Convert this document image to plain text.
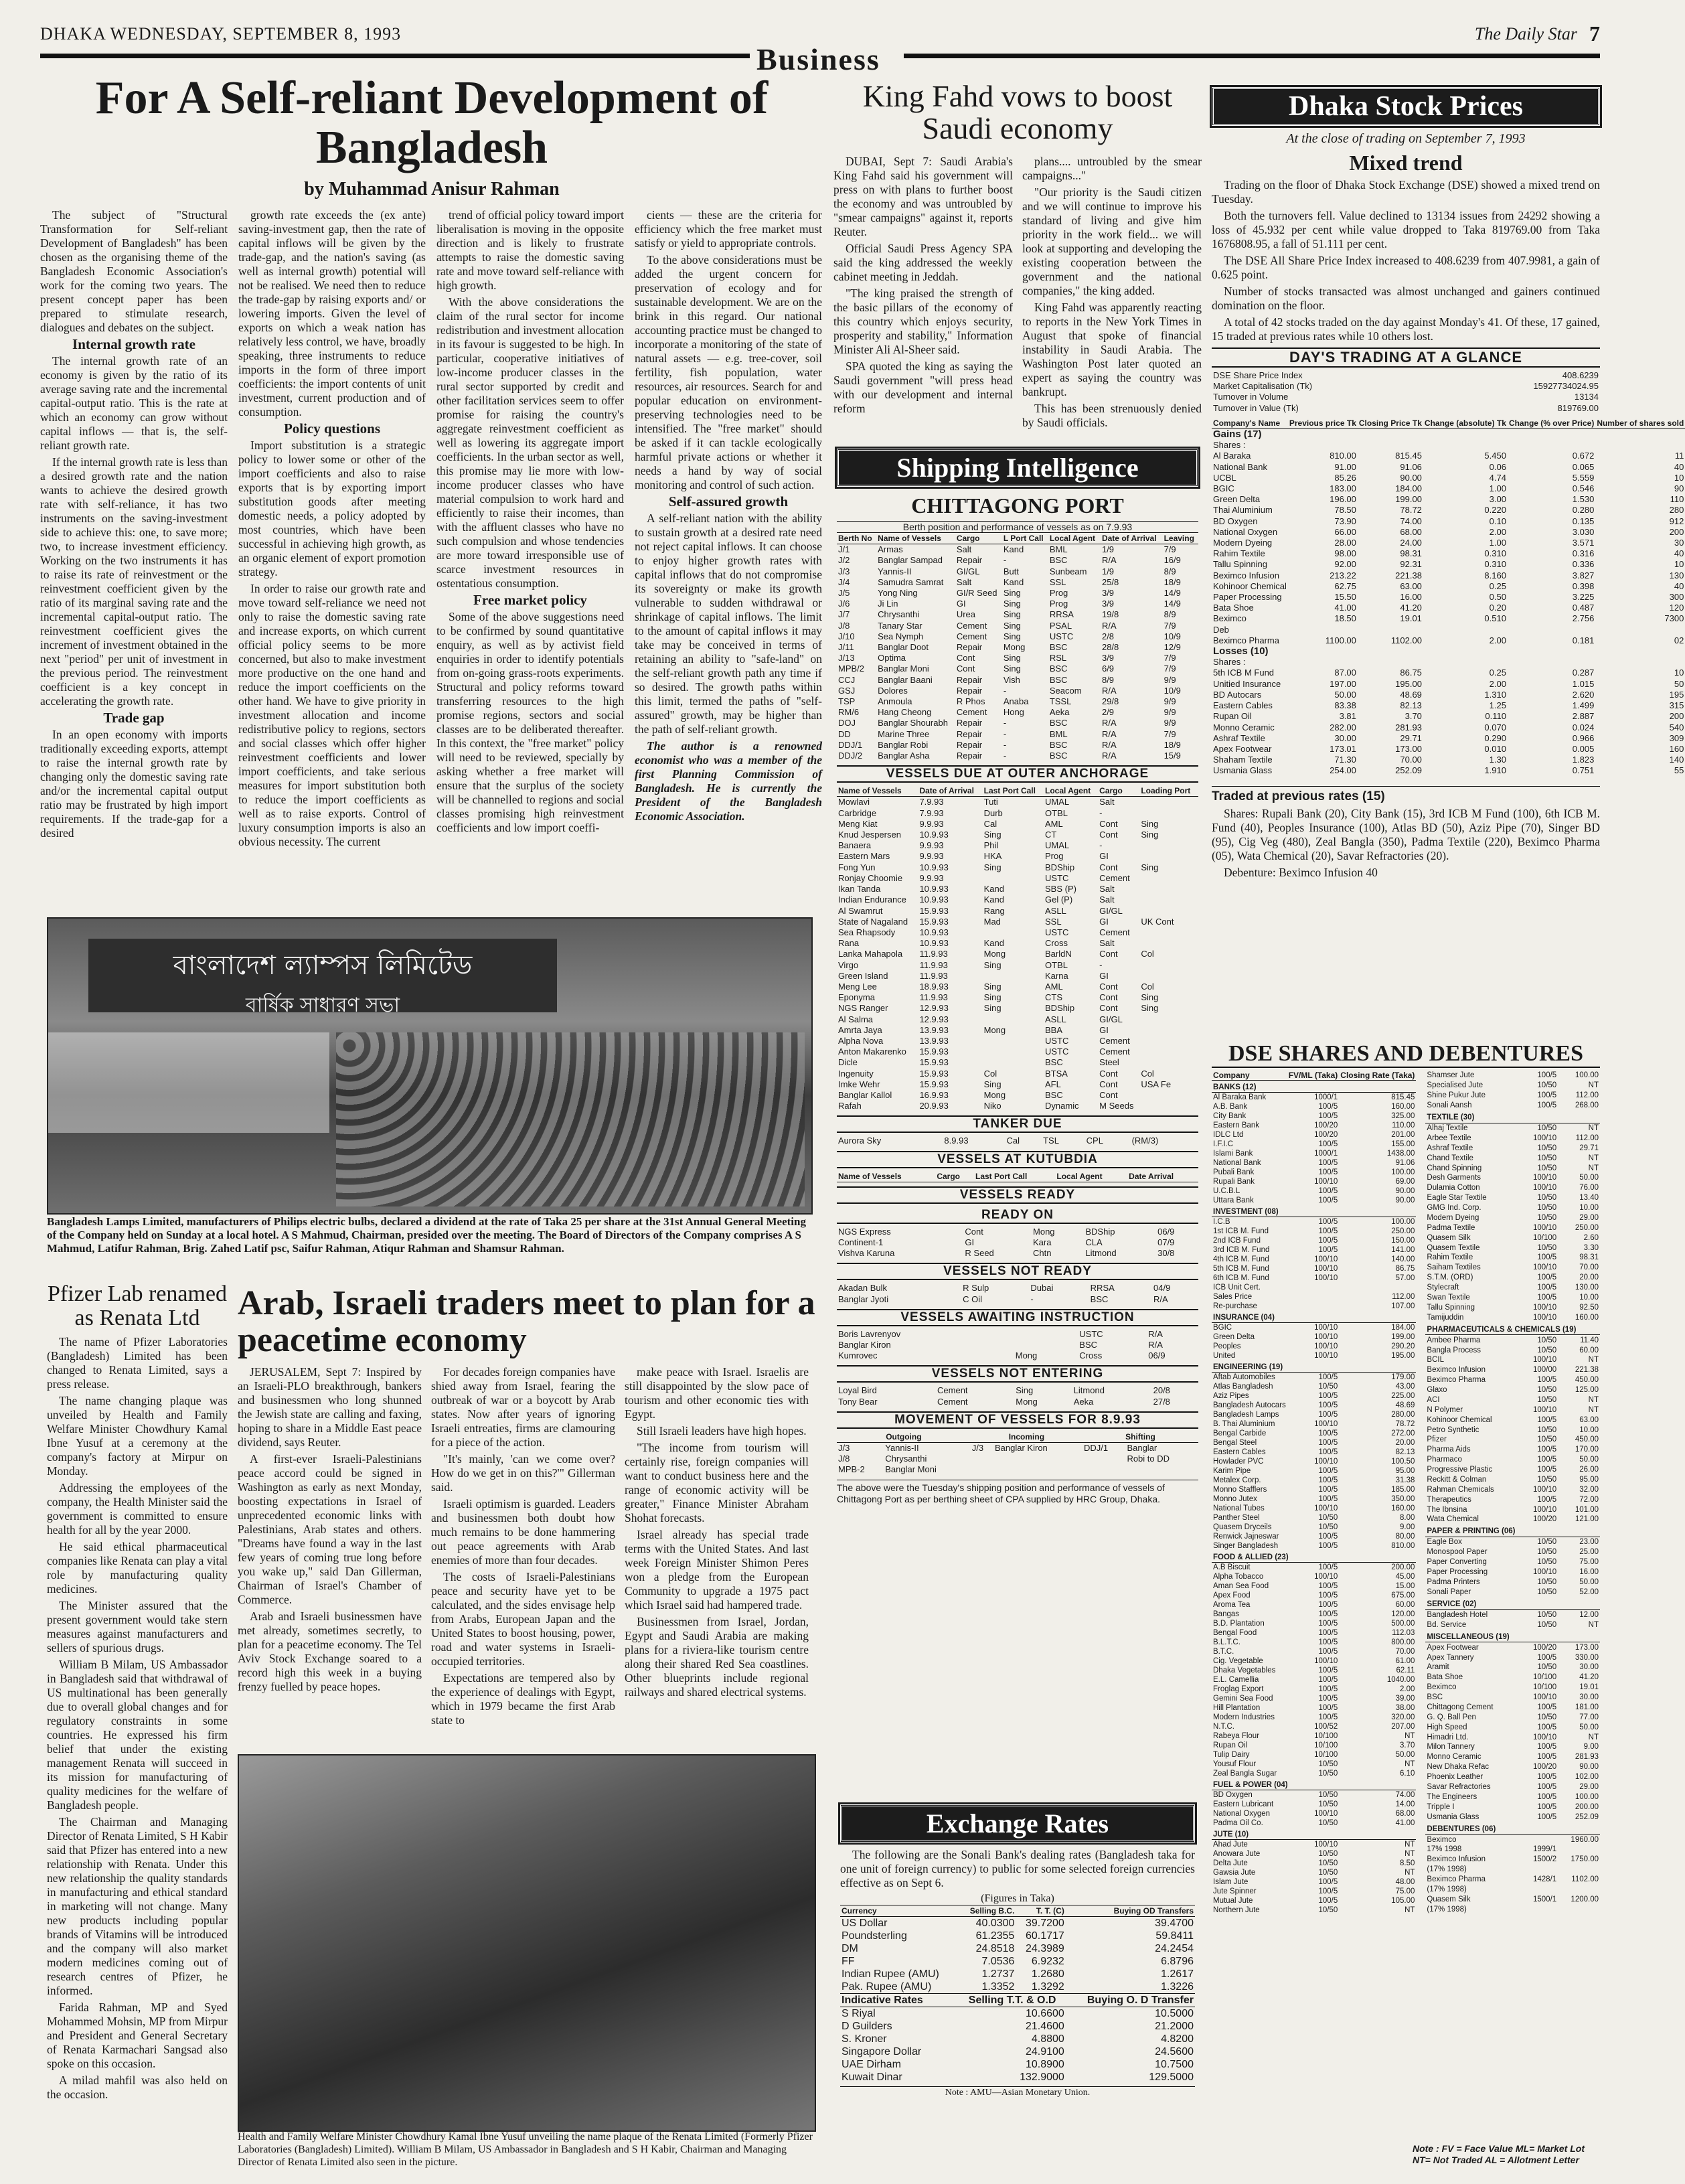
DHAKA WEDNESDAY, SEPTEMBER 8, 1993	7
The Daily Star
Business
For A Self-reliant Development of Bangladesh
by Muhammad Anisur Rahman

The subject of "Structural Transformation for Self-reliant Development of Bangladesh" has been chosen as the organising theme of the Bangladesh Economic Association's work for the coming two years. The present concept paper has been prepared to stimulate research, dialogues and debates on the subject.

Internal growth rate

The internal growth rate of an economy is given by the ratio of its average saving rate and the incremental capital-output ratio. This is the rate at which an economy can grow without capital inflows — that is, the self-reliant growth rate.

If the internal growth rate is less than a desired growth rate and the nation wants to achieve the desired growth rate with self-reliance, it has two instruments on the saving-investment side to achieve this: one, to save more; two, to increase investment efficiency. Working on the two instruments it has to raise its rate of reinvestment or the reinvestment coefficient given by the ratio of its marginal saving rate and the incremental capital-output ratio. The reinvestment coefficient gives the increment of investment obtained in the next "period" per unit of investment in the previous period. The reinvestment coefficient is a key concept in accelerating the growth rate.

Trade gap

In an open economy with imports traditionally exceeding exports, attempt to raise the internal growth rate by changing only the domestic saving rate and/or the incremental capital output ratio may be frustrated by high import requirements. If the trade-gap for a desired

growth rate exceeds the (ex ante) saving-investment gap, then the rate of capital inflows will be given by the trade-gap, and the nation's saving (as well as internal growth) potential will not be realised. We need then to reduce the trade-gap by raising exports and/ or lowering imports. Given the level of exports on which a weak nation has relatively less control, we have, broadly speaking, three instruments to reduce imports in the form of three import coefficients: the import contents of unit investment, current production and of consumption.

Policy questions

Import substitution is a strategic policy to lower some or other of the import coefficients and also to raise exports that is by exporting import substitution goods after meeting domestic needs, a policy adopted by most countries, which have been successful in achieving high growth, as an organic element of export promotion strategy.

In order to raise our growth rate and move toward self-reliance we need not only to raise the domestic saving rate and increase exports, on which current official policy seems to be more concerned, but also to make investment more productive on the one hand and reduce the import coefficients on the other hand. We have to give priority in investment allocation and income redistributive policy to regions, sectors and social classes which offer higher reinvestment coefficients and lower import coefficients, and take serious measures for import substitution both to reduce the import coefficients as well as to raise exports. Control of luxury consumption imports is also an obvious necessity. The current

trend of official policy toward import liberalisation is moving in the opposite direction and is likely to frustrate attempts to raise the domestic saving rate and move toward self-reliance with high growth.

With the above considerations the claim of the rural sector for income redistribution and investment allocation in its favour is suggested to be high. In particular, cooperative initiatives of low-income producer classes in the rural sector supported by credit and other facilitation services seem to offer promise for raising the country's aggregate reinvestment coefficient as well as lowering its aggregate import coefficients. In the urban sector as well, this promise may lie more with low-income producer classes who have material compulsion to work hard and efficiently to raise their incomes, than with the affluent classes who have no such compulsion and whose tendencies are more toward irresponsible use of scarce investment resources in ostentatious consumption.

Free market policy

Some of the above suggestions need to be confirmed by sound quantitative enquiry, as well as by activist field enquiries in order to identify potentials from on-going grass-roots experiments. Structural and policy reforms toward transferring resources to the high promise regions, sectors and social classes are to be deliberated thereafter. In this context, the "free market" policy will need to be reviewed, specially by asking whether a free market will ensure that the surplus of the society will be channelled to regions and social classes promising high reinvestment coefficients and low import coeffi-

cients — these are the criteria for efficiency which the free market must satisfy or yield to appropriate controls.

To the above considerations must be added the urgent concern for preservation of ecology and for sustainable development. We are on the brink in this regard. Our national accounting practice must be changed to incorporate a monitoring of the state of natural assets — e.g. tree-cover, soil fertility, fish population, water resources, air resources. Search for and popular education on environment-preserving technologies need to be intensified. The "free market" should be asked if it can tackle ecologically harmful private actions or whether it needs a hand by way of social monitoring and control of such action.

Self-assured growth

A self-reliant nation with the ability to sustain growth at a desired rate need not reject capital inflows. It can choose to enjoy higher growth rates with capital inflows that do not compromise its sovereignty or make its growth vulnerable to sudden withdrawal or shrinkage of capital inflows. The limit to the amount of capital inflows it may take may be conceived in terms of retaining an ability to "safe-land" on the self-reliant growth path any time if so desired. The growth paths within this limit, termed the paths of "self-assured" growth, may be higher than the path of self-reliant growth.

The author is a renowned economist who was a member of the first Planning Commission of Bangladesh. He is currently the President of the Bangladesh Economic Association.

বাংলাদেশ ল্যাম্পস লিমিটেড
বার্ষিক সাধারণ সভা
Bangladesh Lamps Limited, manufacturers of Philips electric bulbs, declared a dividend at the rate of Taka 25 per share at the 31st Annual General Meeting of the Company held on Sunday at a local hotel. A S Mahmud, Chairman, presided over the meeting. The Board of Directors of the Company comprises A S Mahmud, Latifur Rahman, Brig. Zahed Latif psc, Saifur Rahman, Atiqur Rahman and Shamsur Rahman.
King Fahd vows to boost Saudi economy

DUBAI, Sept 7: Saudi Arabia's King Fahd said his government will press on with plans to further boost the economy and was untroubled by "smear campaigns" against it, reports Reuter.

Official Saudi Press Agency SPA said the king addressed the weekly cabinet meeting in Jeddah.

"The king praised the strength of the basic pillars of the economy of this country which enjoys security, prosperity and stability," Information Minister Ali Al-Sheer said.

SPA quoted the king as saying the Saudi government "will press head with our development and internal reform

plans.... untroubled by the smear campaigns..."

"Our priority is the Saudi citizen and we will continue to improve his standard of living and give him priority in the work field... we will look at supporting and developing the existing cooperation between the government and the national companies," the king added.

King Fahd was apparently reacting to reports in the New York Times in August that spoke of financial instability in Saudi Arabia. The Washington Post later quoted an expert as saying the country was bankrupt.

This has been strenuously denied by Saudi officials.

Shipping Intelligence
CHITTAGONG PORT
Berth position and performance of vessels as on 7.9.93
Berth No	Name of Vessels	Cargo	L Port Call	Local Agent	Date of Arrival	Leaving
J/1	Armas	Salt	Kand	BML	1/9	7/9
J/2	Banglar Sampad	Repair	-	BSC	R/A	16/9
J/3	Yannis-II	GI/GL	Butt	Sunbeam	1/9	8/9
J/4	Samudra Samrat	Salt	Kand	SSL	25/8	18/9
J/5	Yong Ning	GI/R Seed	Sing	Prog	3/9	14/9
J/6	Ji Lin	GI	Sing	Prog	3/9	14/9
J/7	Chrysanthi	Urea	Sing	RRSA	19/8	8/9
J/8	Tanary Star	Cement	Sing	PSAL	R/A	7/9
J/10	Sea Nymph	Cement	Sing	USTC	2/8	10/9
J/11	Banglar Doot	Repair	Mong	BSC	28/8	12/9
J/13	Optima	Cont	Sing	RSL	3/9	7/9
MPB/2	Banglar Moni	Cont	Sing	BSC	6/9	7/9
CCJ	Banglar Baani	Repair	Vish	BSC	8/9	9/9
GSJ	Dolores	Repair	-	Seacom	R/A	10/9
TSP	Anmoula	R Phos	Anaba	TSSL	29/8	9/9
RM/6	Hang Cheong	Cement	Hong	Aeka	2/9	9/9
DOJ	Banglar Shourabh	Repair	-	BSC	R/A	9/9
DD	Marine Three	Repair	-	BML	R/A	7/9
DDJ/1	Banglar Robi	Repair	-	BSC	R/A	18/9
DDJ/2	Banglar Asha	Repair	-	BSC	R/A	15/9
VESSELS DUE AT OUTER ANCHORAGE
Name of Vessels	Date of Arrival	Last Port Call	Local Agent	Cargo	Loading Port
Mowlavi	7.9.93	Tuti	UMAL	Salt	
Carbridge	7.9.93	Durb	OTBL	-	
Meng Kiat	9.9.93	Cal	AML	Cont	Sing
Knud Jespersen	10.9.93	Sing	CT	Cont	Sing
Banaera	9.9.93	Phil	UMAL	-	
Eastern Mars	9.9.93	HKA	Prog	GI	
Fong Yun	10.9.93	Sing	BDShip	Cont	Sing
Ronjay Choomie	9.9.93		USTC	Cement	
Ikan Tanda	10.9.93	Kand	SBS (P)	Salt	
Indian Endurance	10.9.93	Kand	Gel (P)	Salt	
Al Swamrut	15.9.93	Rang	ASLL	GI/GL	
State of Nagaland	15.9.93	Mad	SSL	GI	UK Cont
Sea Rhapsody	10.9.93		USTC	Cement	
Rana	10.9.93	Kand	Cross	Salt	
Lanka Mahapola	11.9.93	Mong	BarldN	Cont	Col
Virgo	11.9.93	Sing	OTBL	-	
Green Island	11.9.93		Karna	GI	
Meng Lee	18.9.93	Sing	AML	Cont	Col
Eponyma	11.9.93	Sing	CTS	Cont	Sing
NGS Ranger	12.9.93	Sing	BDShip	Cont	Sing
Al Salma	12.9.93		ASLL	GI/GL	
Amrta Jaya	13.9.93	Mong	BBA	GI	
Alpha Nova	13.9.93		USTC	Cement	
Anton Makarenko	15.9.93		USTC	Cement	
Dicle	15.9.93		BSC	Steel	
Ingenuity	15.9.93	Col	BTSA	Cont	Col
Imke Wehr	15.9.93	Sing	AFL	Cont	USA Fe
Banglar Kallol	16.9.93	Mong	BSC	Cont	
Rafah	20.9.93	Niko	Dynamic	M Seeds	
TANKER DUE
Aurora Sky	8.9.93	Cal	TSL	CPL	(RM/3)
VESSELS AT KUTUBDIA
Name of Vessels	Cargo	Last Port Call	Local Agent	Date Arrival
VESSELS READY
READY ON
NGS Express	Cont	Mong	BDShip	06/9
Continent-1	GI	Kara	CLA	07/9
Vishva Karuna	R Seed	Chtn	Litmond	30/8
VESSELS NOT READY
Akadan Bulk	R Sulp	Dubai	RRSA	04/9
Banglar Jyoti	C Oil	-	BSC	R/A
VESSELS AWAITING INSTRUCTION
Boris Lavrenyov			USTC	R/A
Banglar Kiron			BSC	R/A
Kumrovec		Mong	Cross	06/9
VESSELS NOT ENTERING
Loyal Bird	Cement	Sing	Litmond	20/8
Tony Bear	Cement	Mong	Aeka	27/8
MOVEMENT OF VESSELS FOR 8.9.93
Outgoing		Incoming		Shifting	
J/3	Yannis-II	J/3	Banglar Kiron	DDJ/1	Banglar
J/8	Chrysanthi				Robi to DD
MPB-2	Banglar Moni				
The above were the Tuesday's shipping position and performance of vessels of Chittagong Port as per berthing sheet of CPA supplied by HRC Group, Dhaka.
Dhaka Stock Prices
At the close of trading on September 7, 1993
Mixed trend

Trading on the floor of Dhaka Stock Exchange (DSE) showed a mixed trend on Tuesday.

Both the turnovers fell. Value declined to 13134 issues from 24292 showing a loss of 45.932 per cent while value dropped to Taka 819769.00 from Taka 1676808.95, a fall of 51.111 per cent.

The DSE All Share Price Index increased to 408.6239 from 407.9981, a gain of 0.625 point.

Number of stocks transacted was almost unchanged and gainers continued domination on the floor.

A total of 42 stocks traded on the day against Monday's 41. Of these, 17 gained, 15 traded at previous rates while 10 others lost.

DAY'S TRADING AT A GLANCE
DSE Share Price Index	408.6239
Market Capitalisation (Tk)	15927734024.95
Turnover in Volume	13134
Turnover in Value (Tk)	819769.00
Company's Name	Previous price Tk	Closing Price Tk	Change (absolute) Tk	Change (% over Price)	Number of shares sold
Gains (17)					
Shares :					
Al Baraka	810.00	815.45	5.450	0.672	11
National Bank	91.00	91.06	0.06	0.065	40
UCBL	85.26	90.00	4.74	5.559	10
BGIC	183.00	184.00	1.00	0.546	90
Green Delta	196.00	199.00	3.00	1.530	110
Thai Aluminium	78.50	78.72	0.220	0.280	280
BD Oxygen	73.90	74.00	0.10	0.135	912
National Oxygen	66.00	68.00	2.00	3.030	200
Modern Dyeing	28.00	24.00	1.00	3.571	30
Rahim Textile	98.00	98.31	0.310	0.316	40
Tallu Spinning	92.00	92.31	0.310	0.336	10
Beximco Infusion	213.22	221.38	8.160	3.827	130
Kohinoor Chemical	62.75	63.00	0.25	0.398	40
Paper Processing	15.50	16.00	0.50	3.225	300
Bata Shoe	41.00	41.20	0.20	0.487	120
Beximco	18.50	19.01	0.510	2.756	7300
Deb					
Beximco Pharma	1100.00	1102.00	2.00	0.181	02
Losses (10)					
Shares :					
5th ICB M Fund	87.00	86.75	0.25	0.287	10
Unitied Insurance	197.00	195.00	2.00	1.015	50
BD Autocars	50.00	48.69	1.310	2.620	195
Eastern Cables	83.38	82.13	1.25	1.499	315
Rupan Oil	3.81	3.70	0.110	2.887	200
Monno Ceramic	282.00	281.93	0.070	0.024	540
Ashraf Textile	30.00	29.71	0.290	0.966	309
Apex Footwear	173.01	173.00	0.010	0.005	160
Shaham Textile	71.30	70.00	1.30	1.823	140
Usmania Glass	254.00	252.09	1.910	0.751	55
Traded at previous rates (15)

Shares: Rupali Bank (20), City Bank (15), 3rd ICB M Fund (100), 6th ICB M. Fund (40), Peoples Insurance (100), Atlas BD (50), Aziz Pipe (70), Singer BD (95), Cig Veg (480), Zeal Bangla (350), Padma Textile (220), Beximco Pharma (05), Wata Chemical (20), Savar Refractories (20).

Debenture: Beximco Infusion 40

DSE SHARES AND DEBENTURES
Company	FV/ML (Taka)	Closing Rate (Taka)
BANKS (12)		
Al Baraka Bank	1000/1	815.45
A.B. Bank	100/5	160.00
City Bank	100/5	325.00
Eastern Bank	100/20	110.00
IDLC Ltd	100/20	201.00
I.F.I.C	100/5	155.00
Islami Bank	1000/1	1438.00
National Bank	100/5	91.06
Pubali Bank	100/5	100.00
Rupali Bank	100/10	69.00
U.C.B.L	100/5	90.00
Uttara Bank	100/5	90.00
INVESTMENT (08)		
I.C.B	100/5	100.00
1st ICB M. Fund	100/5	250.00
2nd ICB Fund	100/5	150.00
3rd ICB M. Fund	100/5	141.00
4th ICB M. Fund	100/10	140.00
5th ICB M. Fund	100/10	86.75
6th ICB M. Fund	100/10	57.00
ICB Unit Cert.		
Sales Price		112.00
Re-purchase		107.00
INSURANCE (04)		
BGIC	100/10	184.00
Green Delta	100/10	199.00
Peoples	100/10	290.20
United	100/10	195.00
ENGINEERING (19)		
Aftab Automobiles	100/5	179.00
Atlas Bangladesh	10/50	43.00
Aziz Pipes	100/5	225.00
Bangladesh Autocars	100/5	48.69
Bangladesh Lamps	100/5	280.00
B. Thai Aluminium	100/10	78.72
Bengal Carbide	100/5	272.00
Bengal Steel	100/5	20.00
Eastern Cables	100/5	82.13
Howlader PVC	100/10	100.50
Karim Pipe	100/5	95.00
Metalex Corp.	100/5	31.38
Monno Stafflers	100/5	185.00
Monno Jutex	100/5	350.00
National Tubes	100/10	160.00
Panther Steel	10/50	8.00
Quasem Dryceils	10/50	9.00
Renwick Jajneswar	100/5	80.00
Singer Bangladesh	100/5	810.00
FOOD & ALLIED (23)		
A.B Biscuit	100/5	200.00
Alpha Tobacco	100/10	45.00
Aman Sea Food	100/5	15.00
Apex Food	100/5	675.00
Aroma Tea	100/5	60.00
Bangas	100/5	120.00
B.D. Plantation	100/5	500.00
Bengal Food	100/5	112.03
B.L.T.C.	100/5	800.00
B.T.C.	100/5	70.00
Cig. Vegetable	100/10	61.00
Dhaka Vegetables	100/5	62.11
E.L. Camellia	100/5	1040.00
Froglag Export	100/5	2.00
Gemini Sea Food	100/5	39.00
Hill Plantation	100/5	38.00
Modern Industries	100/5	320.00
N.T.C.	100/52	207.00
Rabeya Flour	10/100	NT
Rupan Oil	10/100	3.70
Tulip Dairy	10/100	50.00
Yousuf Flour	10/50	NT
Zeal Bangla Sugar	10/50	6.10
FUEL & POWER (04)		
BD Oxygen	10/50	74.00
Eastern Lubricant	10/50	14.00
National Oxygen	100/10	68.00
Padma Oil Co.	10/50	41.00
JUTE (10)		
Ahad Jute	100/10	NT
Anowara Jute	10/50	NT
Delta Jute	10/50	8.50
Gawsia Jute	10/50	NT
Islam Jute	100/5	48.00
Jute Spinner	100/5	75.00
Mutual Jute	100/5	105.00
Northern Jute	10/50	NT
Shamser Jute	100/5	100.00
Specialised Jute	10/50	NT
Shine Pukur Jute	100/5	112.00
Sonali Aansh	100/5	268.00
TEXTILE (30)		
Alhaj Textile	10/50	NT
Arbee Textile	100/10	112.00
Ashraf Textile	10/50	29.71
Chand Textile	10/50	NT
Chand Spinning	10/50	NT
Desh Garments	100/10	50.00
Dulamia Cotton	100/10	76.00
Eagle Star Textile	10/50	13.40
GMG Ind. Corp.	10/50	10.00
Modern Dyeing	10/50	29.00
Padma Textile	100/10	250.00
Quasem Silk	10/100	2.60
Quasem Textile	10/50	3.30
Rahim Textile	100/5	98.31
Saiham Textiles	100/10	70.00
S.T.M. (ORD)	100/5	20.00
Stylecraft	100/5	130.00
Swan Textile	100/5	10.00
Tallu Spinning	100/10	92.50
Tamijuddin	100/10	160.00
PHARMACEUTICALS & CHEMICALS (19)		
Ambee Pharma	10/50	11.40
Bangla Process	10/50	60.00
BCIL	100/10	NT
Beximco Infusion	100/00	221.38
Beximco Pharma	100/5	450.00
Glaxo	10/50	125.00
ACI	10/50	NT
N Polymer	100/10	NT
Kohinoor Chemical	100/5	63.00
Petro Synthetic	10/50	10.00
Pfizer	10/50	450.00
Pharma Aids	100/5	170.00
Pharmaco	100/5	50.00
Progressive Plastic	100/5	26.00
Reckitt & Colman	10/50	95.00
Rahman Chemicals	100/10	32.00
Therapeutics	100/5	72.00
The Ibnsina	100/10	101.00
Wata Chemical	100/20	121.00
PAPER & PRINTING (06)		
Eagle Box	10/50	23.00
Monospool Paper	10/50	25.00
Paper Converting	10/50	75.00
Paper Processing	100/10	16.00
Padma Printers	10/50	50.00
Sonali Paper	10/50	52.00
SERVICE (02)		
Bangladesh Hotel	10/50	12.00
Bd. Service	10/50	NT
MISCELLANEOUS (19)		
Apex Footwear	100/20	173.00
Apex Tannery	100/5	330.00
Aramit	10/50	30.00
Bata Shoe	10/100	41.20
Beximco	10/100	19.01
BSC	100/10	30.00
Chittagong Cement	100/5	181.00
G. Q. Ball Pen	10/50	77.00
High Speed	100/5	50.00
Himadri Ltd.	100/10	NT
Milon Tannery	100/5	9.00
Monno Ceramic	100/5	281.93
New Dhaka Refac	100/20	90.00
Phoenix Leather	100/5	102.00
Savar Refractories	100/5	29.00
The Engineers	100/5	100.00
Tripple I	100/5	200.00
Usmania Glass	100/5	252.09
DEBENTURES (06)		
Beximco		1960.00
17% 1998	1999/1	
Beximco Infusion	1500/2	1750.00
(17% 1998)		
Beximco Pharma	1428/1	1102.00
(17% 1998)		
Quasem Silk	1500/1	1200.00
(17% 1998)		
Note : FV = Face Value ML= Market Lot NT= Not Traded AL = Allotment Letter
Pfizer Lab renamed as Renata Ltd

The name of Pfizer Laboratories (Bangladesh) Limited has been changed to Renata Limited, says a press release.

The name changing plaque was unveiled by Health and Family Welfare Minister Chowdhury Kamal Ibne Yusuf at a ceremony at the company's factory at Mirpur on Monday.

Addressing the employees of the company, the Health Minister said the government is committed to ensure health for all by the year 2000.

He said ethical pharmaceutical companies like Renata can play a vital role by manufacturing quality medicines.

The Minister assured that the present government would take stern measures against manufacturers and sellers of spurious drugs.

William B Milam, US Ambassador in Bangladesh said that withdrawal of US multinational has been generally due to overall global changes and for regulatory constraints in some countries. He expressed his firm belief that under the existing management Renata will succeed in its mission for manufacturing of quality medicines for the welfare of Bangladesh people.

The Chairman and Managing Director of Renata Limited, S H Kabir said that Pfizer has entered into a new relationship with Renata. Under this new relationship the quality standards in manufacturing and ethical standard in marketing will not change. Many new products including popular brands of Vitamins will be introduced and the company will also market modern medicines coming out of research centres of Pfizer, he informed.

Farida Rahman, MP and Syed Mohammed Mohsin, MP from Mirpur and President and General Secretary of Renata Karmachari Sangsad also spoke on this occasion.

A milad mahfil was also held on the occasion.

Arab, Israeli traders meet to plan for a peacetime economy

JERUSALEM, Sept 7: Inspired by an Israeli-PLO breakthrough, bankers and businessmen who long shunned the Jewish state are calling and faxing, hoping to share in a Middle East peace dividend, says Reuter.

A first-ever Israeli-Palestinians peace accord could be signed in Washington as early as next Monday, boosting expectations in Israel of unprecedented economic links with Palestinians, Arab states and others. "Dreams have found a way in the last few years of coming true long before you wake up," said Dan Gillerman, Chairman of Israel's Chamber of Commerce.

Arab and Israeli businessmen have met already, sometimes secretly, to plan for a peacetime economy. The Tel Aviv Stock Exchange soared to a record high this week in a buying frenzy fuelled by peace hopes.

For decades foreign companies have shied away from Israel, fearing the outbreak of war or a boycott by Arab states. Now after years of ignoring Israeli entreaties, firms are clamouring for a piece of the action.

"It's mainly, 'can we come over? How do we get in on this?'" Gillerman said.

Israeli optimism is guarded. Leaders and businessmen both doubt how much remains to be done hammering out peace agreements with Arab enemies of more than four decades.

The costs of Israeli-Palestinians peace and security have yet to be calculated, and the sides envisage help from Arabs, European Japan and the United States to boost housing, power, road and water systems in Israeli-occupied territories.

Expectations are tempered also by the experience of dealings with Egypt, which in 1979 became the first Arab state to

make peace with Israel. Israelis are still disappointed by the slow pace of tourism and other economic ties with Egypt.

Still Israeli leaders have high hopes.

"The income from tourism will certainly rise, foreign companies will want to conduct business here and the range of economic activity will be greater," Finance Minister Abraham Shohat forecasts.

Israel already has special trade terms with the United States. And last week Foreign Minister Shimon Peres won a pledge from the European Community to upgrade a 1975 pact which Israel said had hampered trade.

Businessmen from Israel, Jordan, Egypt and Saudi Arabia are making plans for a riviera-like tourism centre along their shared Red Sea coastlines. Other blueprints include regional railways and shared electrical systems.

Health and Family Welfare Minister Chowdhury Kamal Ibne Yusuf unveiling the name plaque of the Renata Limited (Formerly Pfizer Laboratories (Bangladesh) Limited). William B Milam, US Ambassador in Bangladesh and S H Kabir, Chairman and Managing Director of Renata Limited also seen in the picture.
Exchange Rates

The following are the Sonali Bank's dealing rates (Bangladesh taka for one unit of foreign currency) to public for some selected foreign currencies effective as on Sept 6.

(Figures in Taka)
Currency	Selling B.C.	T. T. (C)	Buying OD Transfers
US Dollar	40.0300	39.7200	39.4700
Poundsterling	61.2355	60.1717	59.8411
DM	24.8518	24.3989	24.2454
FF	7.0536	6.9232	6.8796
Indian Rupee (AMU)	1.2737	1.2680	1.2617
Pak. Rupee (AMU)	1.3352	1.3292	1.3226
Indicative Rates	Selling T.T. & O.D		Buying O. D Transfer
S Riyal	10.6600		10.5000
D Guilders	21.4600		21.2000
S. Kroner	4.8800		4.8200
Singapore Dollar	24.9100		24.5600
UAE Dirham	10.8900		10.7500
Kuwait Dinar	132.9000		129.5000
Note : AMU—Asian Monetary Union.
